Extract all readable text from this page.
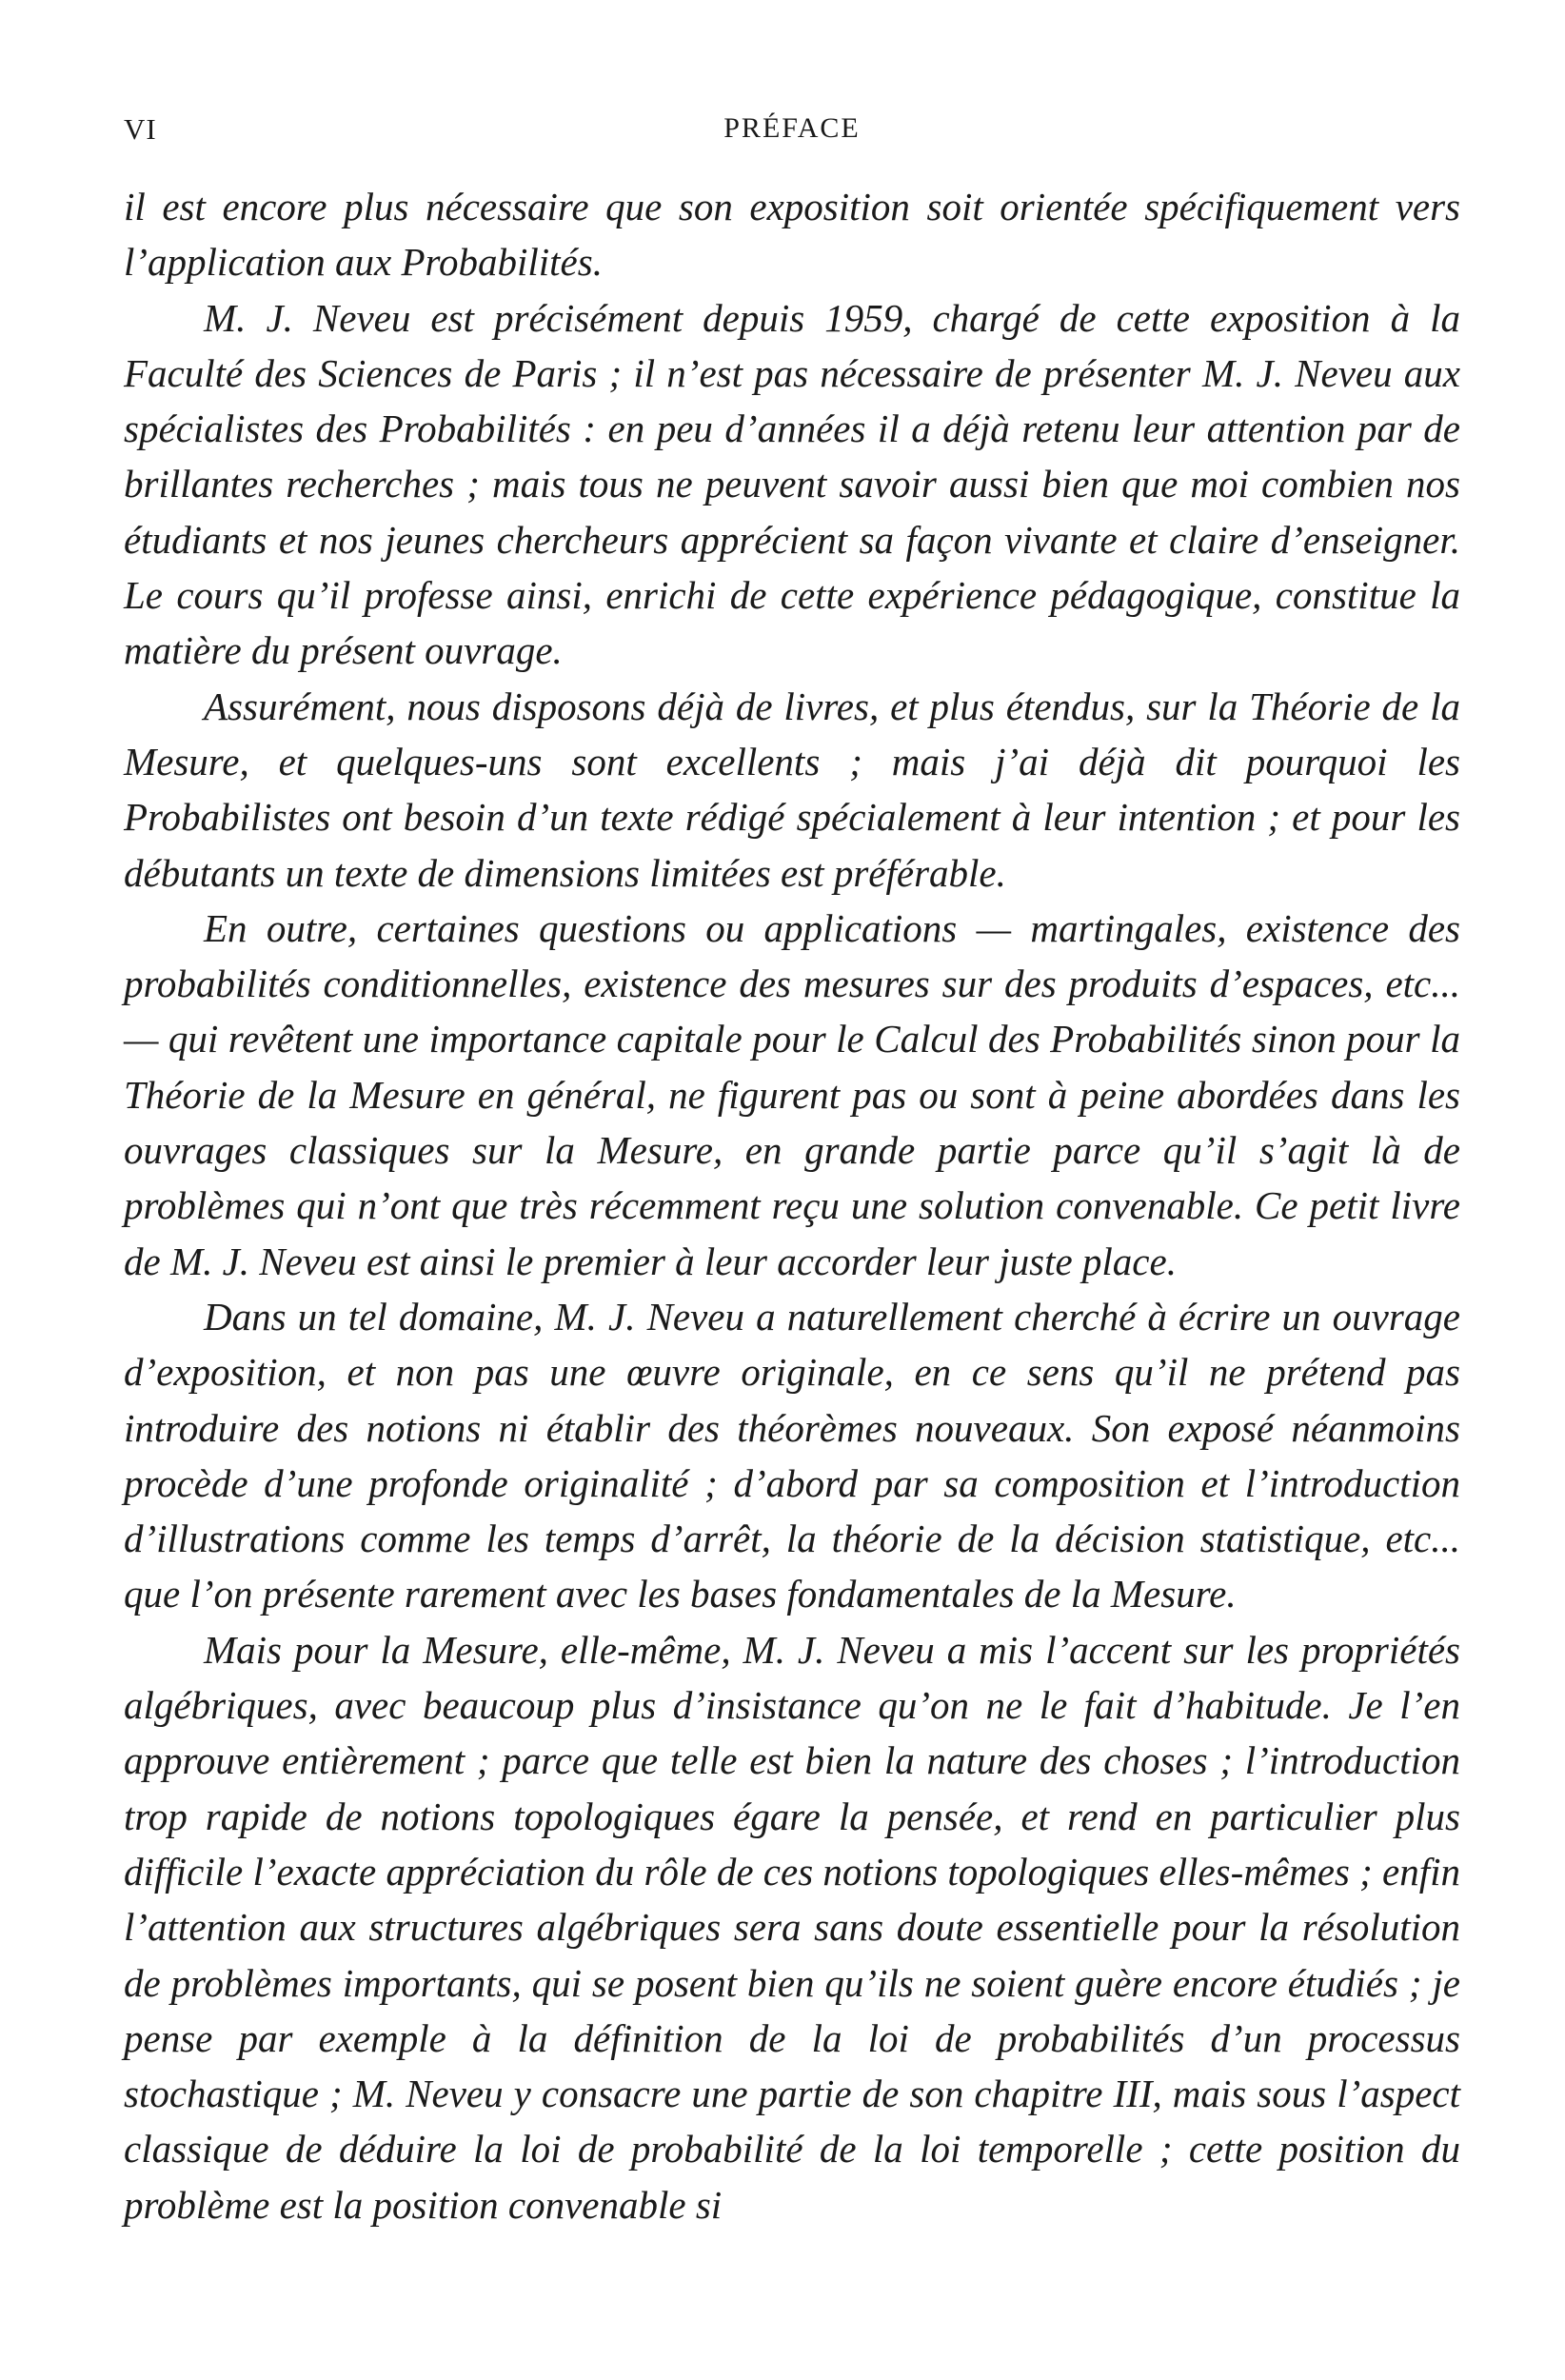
VI	PRÉFACE

il est encore plus nécessaire que son exposition soit orientée spécifiquement vers l’application aux Probabilités.

M. J. Neveu est précisément depuis 1959, chargé de cette exposition à la Faculté des Sciences de Paris ; il n’est pas nécessaire de présenter M. J. Neveu aux spécialistes des Probabilités : en peu d’années il a déjà retenu leur attention par de brillantes recherches ; mais tous ne peuvent savoir aussi bien que moi combien nos étudiants et nos jeunes chercheurs apprécient sa façon vivante et claire d’enseigner. Le cours qu’il professe ainsi, enrichi de cette expérience pédagogique, constitue la matière du présent ouvrage.

Assurément, nous disposons déjà de livres, et plus étendus, sur la Théorie de la Mesure, et quelques-uns sont excellents ; mais j’ai déjà dit pourquoi les Probabilistes ont besoin d’un texte rédigé spécialement à leur intention ; et pour les débutants un texte de dimensions limitées est préférable.

En outre, certaines questions ou applications — martingales, existence des probabilités conditionnelles, existence des mesures sur des produits d’espaces, etc... — qui revêtent une importance capitale pour le Calcul des Probabilités sinon pour la Théorie de la Mesure en général, ne figurent pas ou sont à peine abordées dans les ouvrages classiques sur la Mesure, en grande partie parce qu’il s’agit là de problèmes qui n’ont que très récemment reçu une solution convenable. Ce petit livre de M. J. Neveu est ainsi le premier à leur accorder leur juste place.

Dans un tel domaine, M. J. Neveu a naturellement cherché à écrire un ouvrage d’exposition, et non pas une œuvre originale, en ce sens qu’il ne prétend pas introduire des notions ni établir des théorèmes nouveaux. Son exposé néanmoins procède d’une profonde originalité ; d’abord par sa composition et l’introduction d’illustrations comme les temps d’arrêt, la théorie de la décision statistique, etc... que l’on présente rarement avec les bases fondamentales de la Mesure.

Mais pour la Mesure, elle-même, M. J. Neveu a mis l’accent sur les propriétés algébriques, avec beaucoup plus d’insistance qu’on ne le fait d’habitude. Je l’en approuve entièrement ; parce que telle est bien la nature des choses ; l’introduction trop rapide de notions topologiques égare la pensée, et rend en particulier plus difficile l’exacte appréciation du rôle de ces notions topologiques elles-mêmes ; enfin l’attention aux structures algébriques sera sans doute essentielle pour la résolution de problèmes importants, qui se posent bien qu’ils ne soient guère encore étudiés ; je pense par exemple à la définition de la loi de probabilités d’un processus stochastique ; M. Neveu y consacre une partie de son chapitre III, mais sous l’aspect classique de déduire la loi de probabilité de la loi temporelle ; cette position du problème est la position convenable si
